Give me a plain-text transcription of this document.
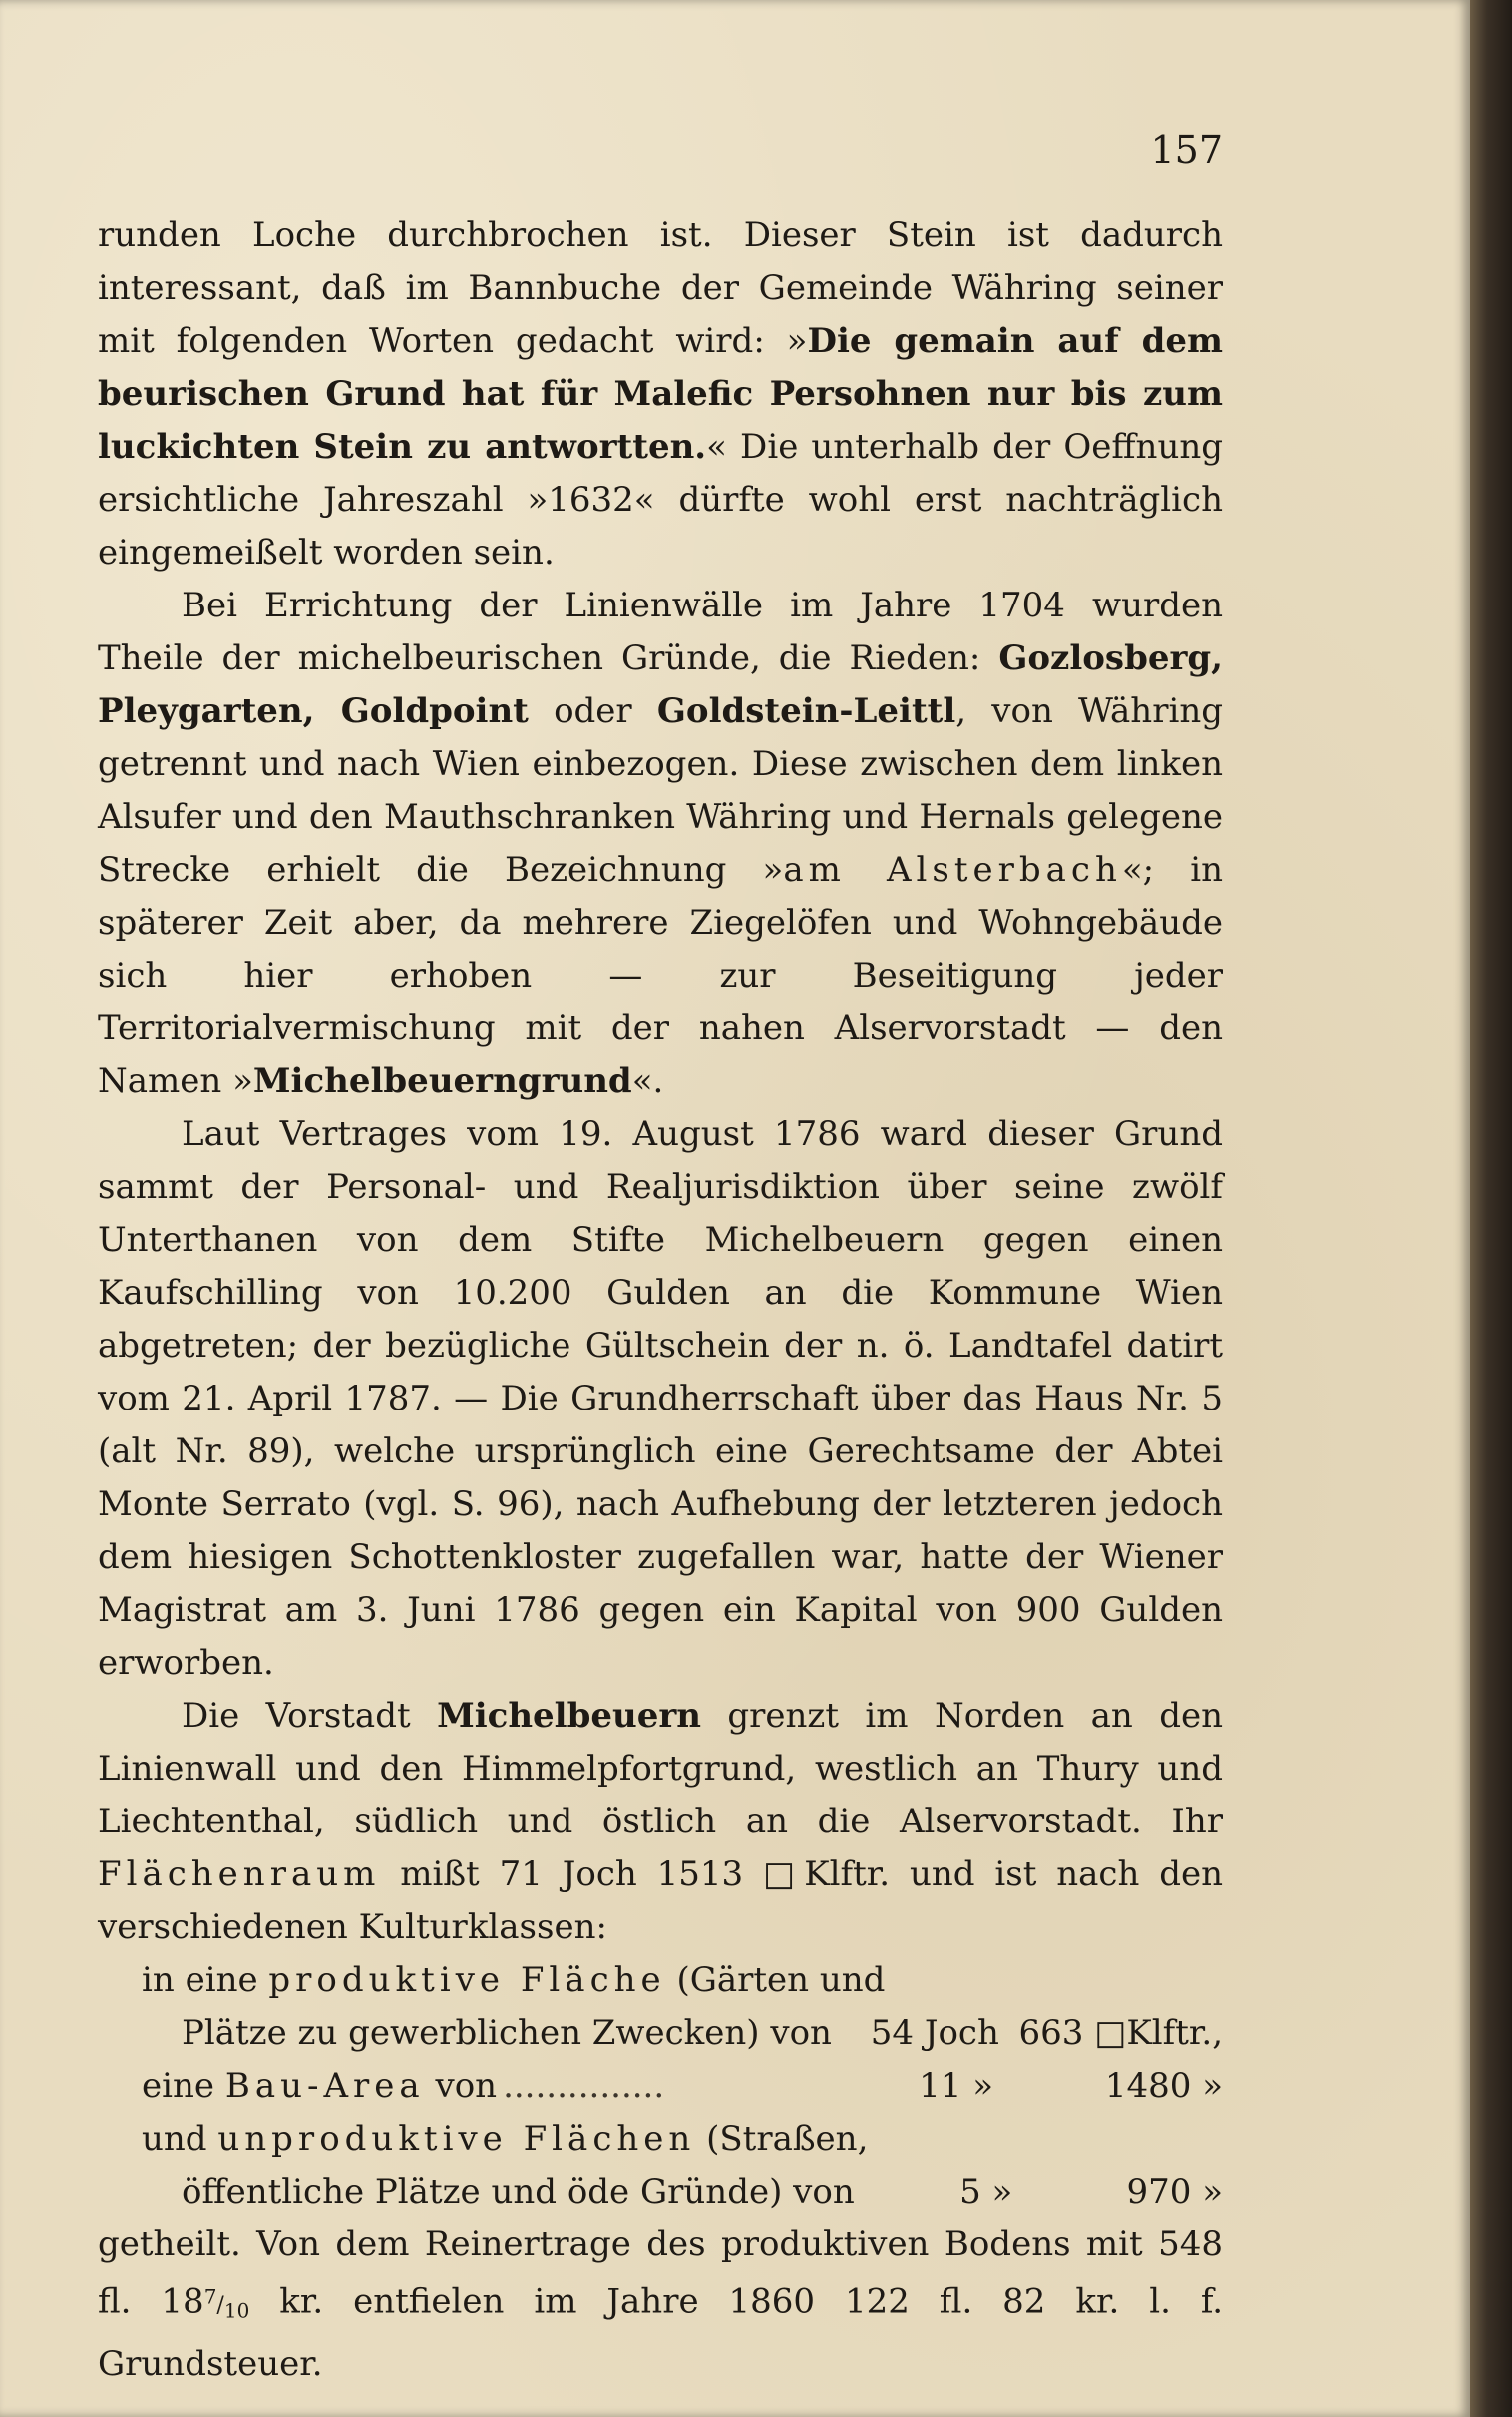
157

runden Loche durchbrochen ist. Dieser Stein ist dadurch interessant, daß im Bannbuche der Gemeinde Währing seiner mit folgenden Worten gedacht wird: »Die gemain auf dem beurischen Grund hat für Malefic Persohnen nur bis zum luckichten Stein zu antwortten.« Die unterhalb der Oeffnung ersichtliche Jahreszahl »1632« dürfte wohl erst nachträglich eingemeißelt worden sein.

Bei Errichtung der Linienwälle im Jahre 1704 wurden Theile der michelbeurischen Gründe, die Rieden: Gozlosberg, Pleygarten, Goldpoint oder Goldstein-Leittl, von Währing getrennt und nach Wien einbezogen. Diese zwischen dem linken Alsufer und den Mauthschranken Währing und Hernals gelegene Strecke erhielt die Bezeichnung »am Alsterbach«; in späterer Zeit aber, da mehrere Ziegelöfen und Wohngebäude sich hier erhoben — zur Beseitigung jeder Territorialvermischung mit der nahen Alservorstadt — den Namen »Michelbeuerngrund«.

Laut Vertrages vom 19. August 1786 ward dieser Grund sammt der Personal- und Realjurisdiktion über seine zwölf Unterthanen von dem Stifte Michelbeuern gegen einen Kaufschilling von 10.200 Gulden an die Kommune Wien abgetreten; der bezügliche Gültschein der n. ö. Landtafel datirt vom 21. April 1787. — Die Grundherrschaft über das Haus Nr. 5 (alt Nr. 89), welche ursprünglich eine Gerechtsame der Abtei Monte Serrato (vgl. S. 96), nach Aufhebung der letzteren jedoch dem hiesigen Schottenkloster zugefallen war, hatte der Wiener Magistrat am 3. Juni 1786 gegen ein Kapital von 900 Gulden erworben.

Die Vorstadt Michelbeuern grenzt im Norden an den Linienwall und den Himmelpfortgrund, westlich an Thury und Liechtenthal, südlich und östlich an die Alservorstadt. Ihr Flächenraum mißt 71 Joch 1513 □Klftr. und ist nach den verschiedenen Kulturklassen:

in eine produktive Fläche (Gärten und
Plätze zu gewerblichen Zwecken) von	54 Joch 663 □Klftr.,
eine Bau-Area von ...............	11 »	1480 »
und unproduktive Flächen (Straßen,
öffentliche Plätze und öde Gründe) von	5 »	970 »

getheilt. Von dem Reinertrage des produktiven Bodens mit 548 fl. $18^7/_{10}$ kr. entfielen im Jahre 1860 122 fl. 82 kr. l. f. Grundsteuer.
